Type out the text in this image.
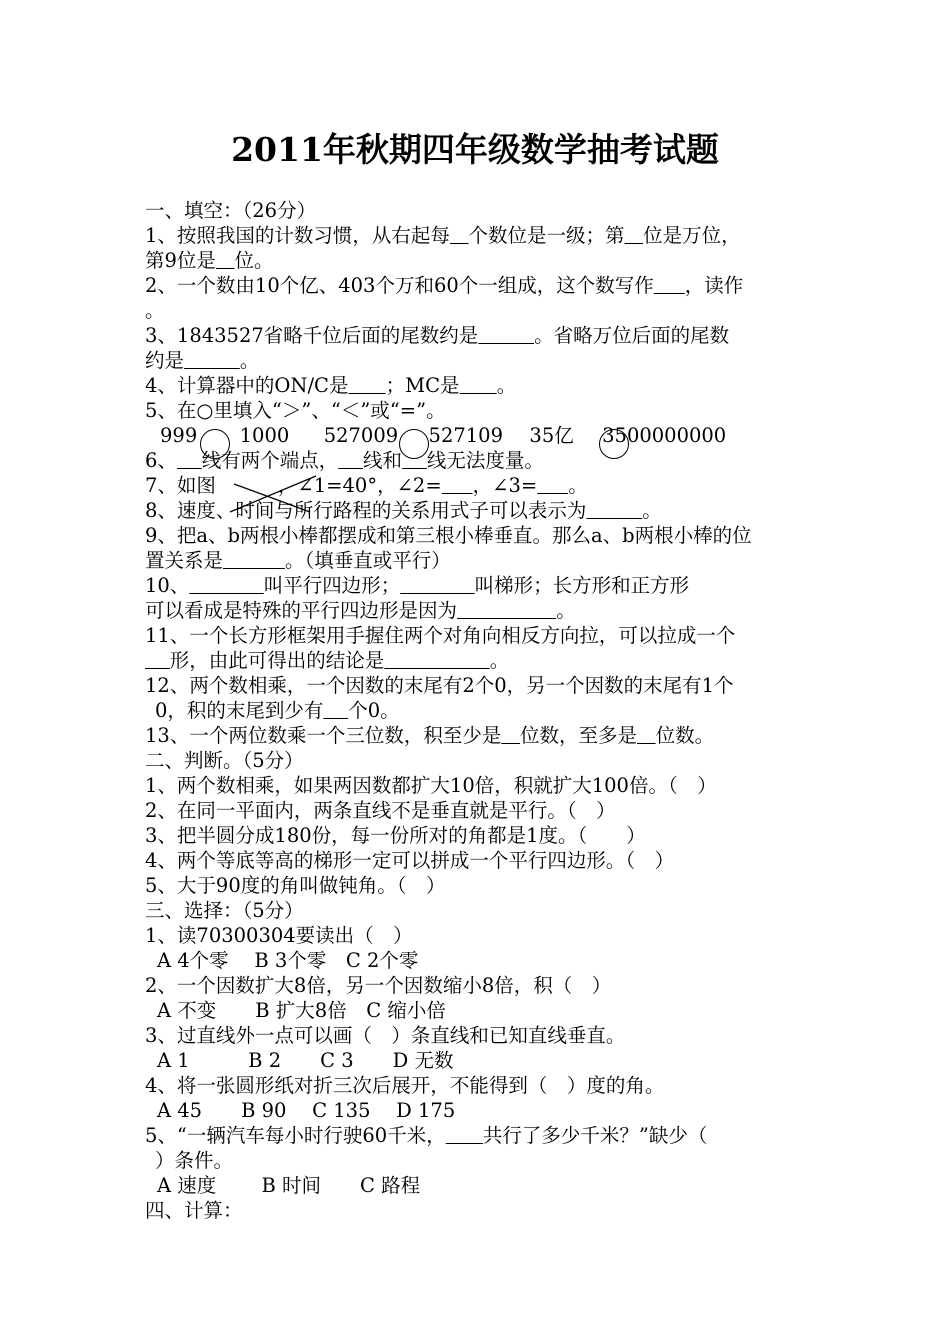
2011年秋期四年级数学抽考试题
一、填空：（26分）
1、按照我国的计数习惯，从右起每 个数位是一级；第 位是万位，
第9位是 位。
2、一个数由10个亿、403个万和60个一组成，这个数写作 ，读作
。
3、1843527省略千位后面的尾数约是	。省略万位后面的尾数
约是	。
4、计算器中的ON/C是 ；MC是 。
5、在○里填入“＞”、“＜”或“=”。
999 1000 527009 527109 35亿 3500000000
6、 线有两个端点， 线和 线无法度量。
7、如图	，∠1=40°，∠2= ，∠3= 。
8、速度、时间与所行路程的关系用式子可以表示为	。
9、把a、b两根小棒都摆成和第三根小棒垂直。那么a、b两根小棒的位
置关系是	。（填垂直或平行）
10、	叫平行四边形；	叫梯形；长方形和正方形
可以看成是特殊的平行四边形是因为	。
11、一个长方形框架用手握住两个对角向相反方向拉，可以拉成一个
形，由此可得出的结论是	。
12、两个数相乘，一个因数的末尾有2个0，另一个因数的末尾有1个
0，积的末尾到少有 个0。
13、一个两位数乘一个三位数，积至少是 位数，至多是 位数。
二、判断。（5分）
1、两个数相乘，如果两因数都扩大10倍，积就扩大100倍。（　）
2、在同一平面内，两条直线不是垂直就是平行。（　）
3、把半圆分成180份，每一份所对的角都是1度。（　　）
4、两个等底等高的梯形一定可以拼成一个平行四边形。（　）
5、大于90度的角叫做钝角。（　）
三、选择：（5分）
1、读70300304要读出（　）
A 4个零　 B 3个零　C 2个零
2、一个因数扩大8倍，另一个因数缩小8倍，积（　）
A 不变　　B 扩大8倍　C 缩小倍
3、过直线外一点可以画（　）条直线和已知直线垂直。
A 1　　　B 2　　C 3　　D 无数
4、将一张圆形纸对折三次后展开，不能得到（　）度的角。
A 45　　B 90　 C 135　 D 175
5、“一辆汽车每小时行驶60千米， 共行了多少千米？”缺少（
）条件。
A 速度　　 B 时间　　C 路程
四、计算：
